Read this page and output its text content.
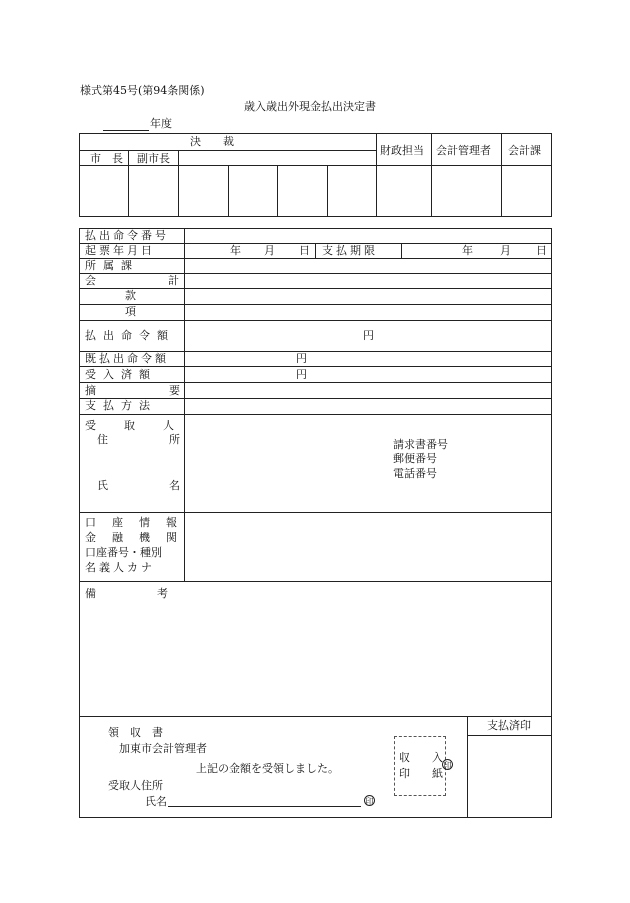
様式第45号(第94条関係)
歳入歳出外現金払出決定書
年度
決　　裁
市　長 副市長
財政担当 会計管理者 会計課
払出命令番号
起票年月日	年 月 日 支払期限	年 月 日
所属課
会	計
款
項
払出命令額	円
既払出命令額	円
受入済額	円
摘要
支払方法
受取人
住所
氏名
請求書番号
郵便番号
電話番号
口座情報
金融機関
口座番号・種別
名義人カナ
備考
支払済印
領　収　書
加東市会計管理者
上記の金額を受領しました。
受取人住所
氏名	印
収　　入
印　　紙
印
